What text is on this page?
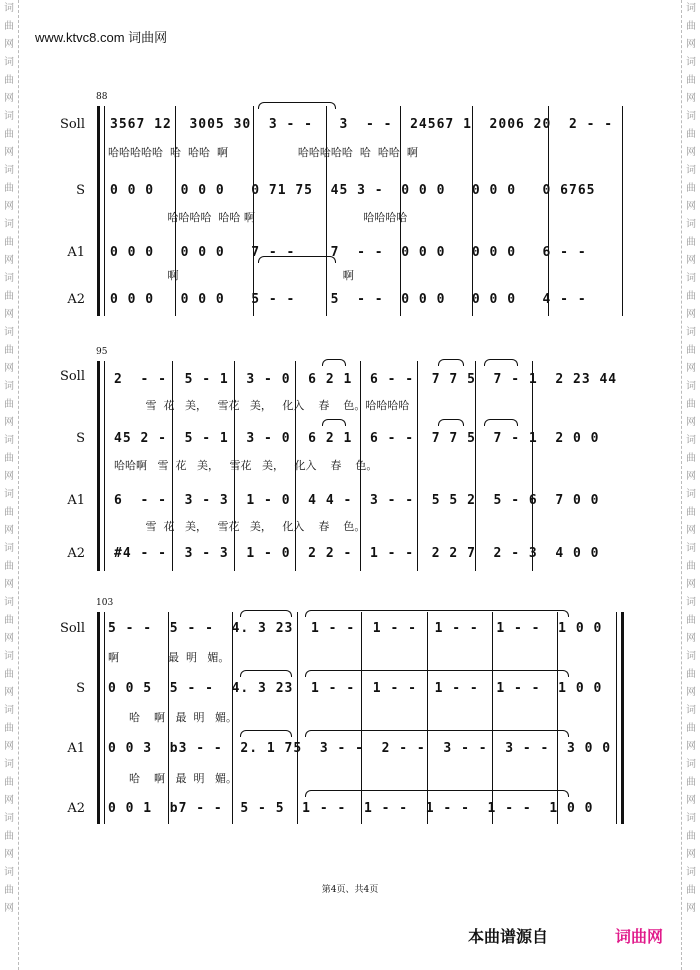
www.ktvc8.com 词曲网
词曲网词曲网词曲网词曲网词曲网词曲网词曲网词曲网词曲网词曲网词曲网词曲网词曲网词曲网词曲网词曲网词曲网
词曲网词曲网词曲网词曲网词曲网词曲网词曲网词曲网词曲网词曲网词曲网词曲网词曲网词曲网词曲网词曲网词曲网
88
Soll
S
A1
A2
3567 12  3005 30  3 - -   3  - -  24567 1  2006 20  2 - -
哈哈哈哈哈  哈  哈哈  啊                    哈哈哈哈哈  哈  哈哈  啊
0 0 0   0 0 0   0 71 75  45 3 -  0 0 0   0 0 0   0 6765
哈哈哈哈  哈哈 啊                               哈哈哈哈
0 0 0   0 0 0   7 - -    7  - -  0 0 0   0 0 0   6 - -
啊                                               啊
0 0 0   0 0 0   5 - -    5  - -  0 0 0   0 0 0   4 - -
95
Soll
S
A1
A2
2  - -  5 - 1  3 - 0  6 2 1  6 - -  7 7 5  7 - 1  2 23 44
雪  花   美，   雪花   美，   化入    春    色。哈哈哈哈
45 2 -  5 - 1  3 - 0  6 2 1  6 - -  7 7 5  7 - 1  2 0 0
哈哈啊   雪  花   美，   雪花   美，   化入    春    色。
6  - -  3 - 3  1 - 0  4 4 -  3 - -  5 5 2  5 - 6  7 0 0
雪  花   美，   雪花   美，   化入    春    色。
#4 - -  3 - 3  1 - 0  2 2 -  1 - -  2 2 7  2 - 3  4 0 0
103
Soll
S
A1
A2
5 - -  5 - -  4. 3 23  1 - -  1 - -  1 - -  1 - -  1 0 0
啊              最  明   媚。
0 0 5  5 - -  4. 3 23  1 - -  1 - -  1 - -  1 - -  1 0 0
哈    啊   最  明   媚。
0 0 3  b3 - -  2. 1 75  3 - -  2 - -  3 - -  3 - -  3 0 0
哈    啊   最  明   媚。
0 0 1  b7 - -  5 - 5  1 - -  1 - -  1 - -  1 - -  1 0 0
第4页、共4页
本曲谱源自	词曲网
